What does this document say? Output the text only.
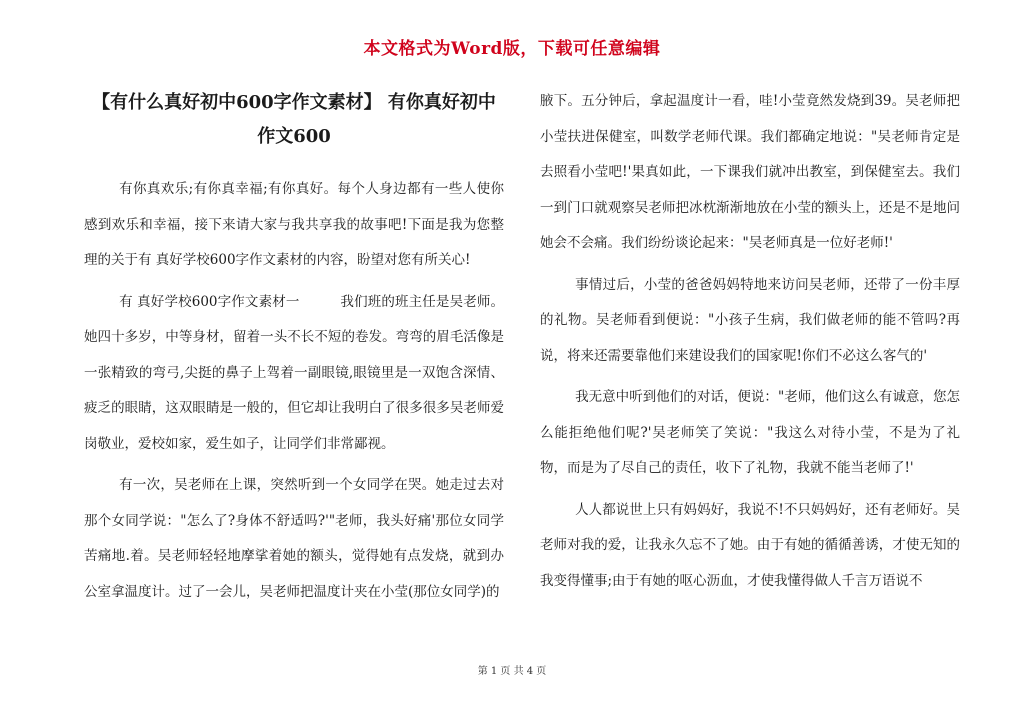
本文格式为Word版，下载可任意编辑
【有什么真好初中600字作文素材】 有你真好初中作文600

有你真欢乐;有你真幸福;有你真好。每个人身边都有一些人使你感到欢乐和幸福，接下来请大家与我共享我的故事吧!下面是我为您整理的关于有 真好学校600字作文素材的内容，盼望对您有所关心!

有 真好学校600字作文素材一　　　我们班的班主任是吴老师。她四十多岁，中等身材，留着一头不长不短的卷发。弯弯的眉毛活像是一张精致的弯弓,尖挺的鼻子上驾着一副眼镜,眼镜里是一双饱含深情、疲乏的眼睛，这双眼睛是一般的，但它却让我明白了很多很多吴老师爱岗敬业，爱校如家，爱生如子，让同学们非常鄙视。

有一次，吴老师在上课，突然听到一个女同学在哭。她走过去对那个女同学说："怎么了?身体不舒适吗?'"老师，我头好痛'那位女同学苦痛地.着。吴老师轻轻地摩挲着她的额头，觉得她有点发烧，就到办公室拿温度计。过了一会儿，吴老师把温度计夹在小莹(那位女同学)的

腋下。五分钟后，拿起温度计一看，哇!小莹竟然发烧到39。吴老师把小莹扶进保健室，叫数学老师代课。我们都确定地说："吴老师肯定是去照看小莹吧!'果真如此，一下课我们就冲出教室，到保健室去。我们一到门口就观察吴老师把冰枕渐渐地放在小莹的额头上，还是不是地问她会不会痛。我们纷纷谈论起来："吴老师真是一位好老师!'

事情过后，小莹的爸爸妈妈特地来访问吴老师，还带了一份丰厚的礼物。吴老师看到便说："小孩子生病，我们做老师的能不管吗?再说，将来还需要靠他们来建设我们的国家呢!你们不必这么客气的'

我无意中听到他们的对话，便说："老师，他们这么有诚意，您怎么能拒绝他们呢?'吴老师笑了笑说："我这么对待小莹，不是为了礼物，而是为了尽自己的责任，收下了礼物，我就不能当老师了!'

人人都说世上只有妈妈好，我说不!不只妈妈好，还有老师好。吴老师对我的爱，让我永久忘不了她。由于有她的循循善诱，才使无知的我变得懂事;由于有她的呕心沥血，才使我懂得做人千言万语说不

第 1 页 共 4 页
